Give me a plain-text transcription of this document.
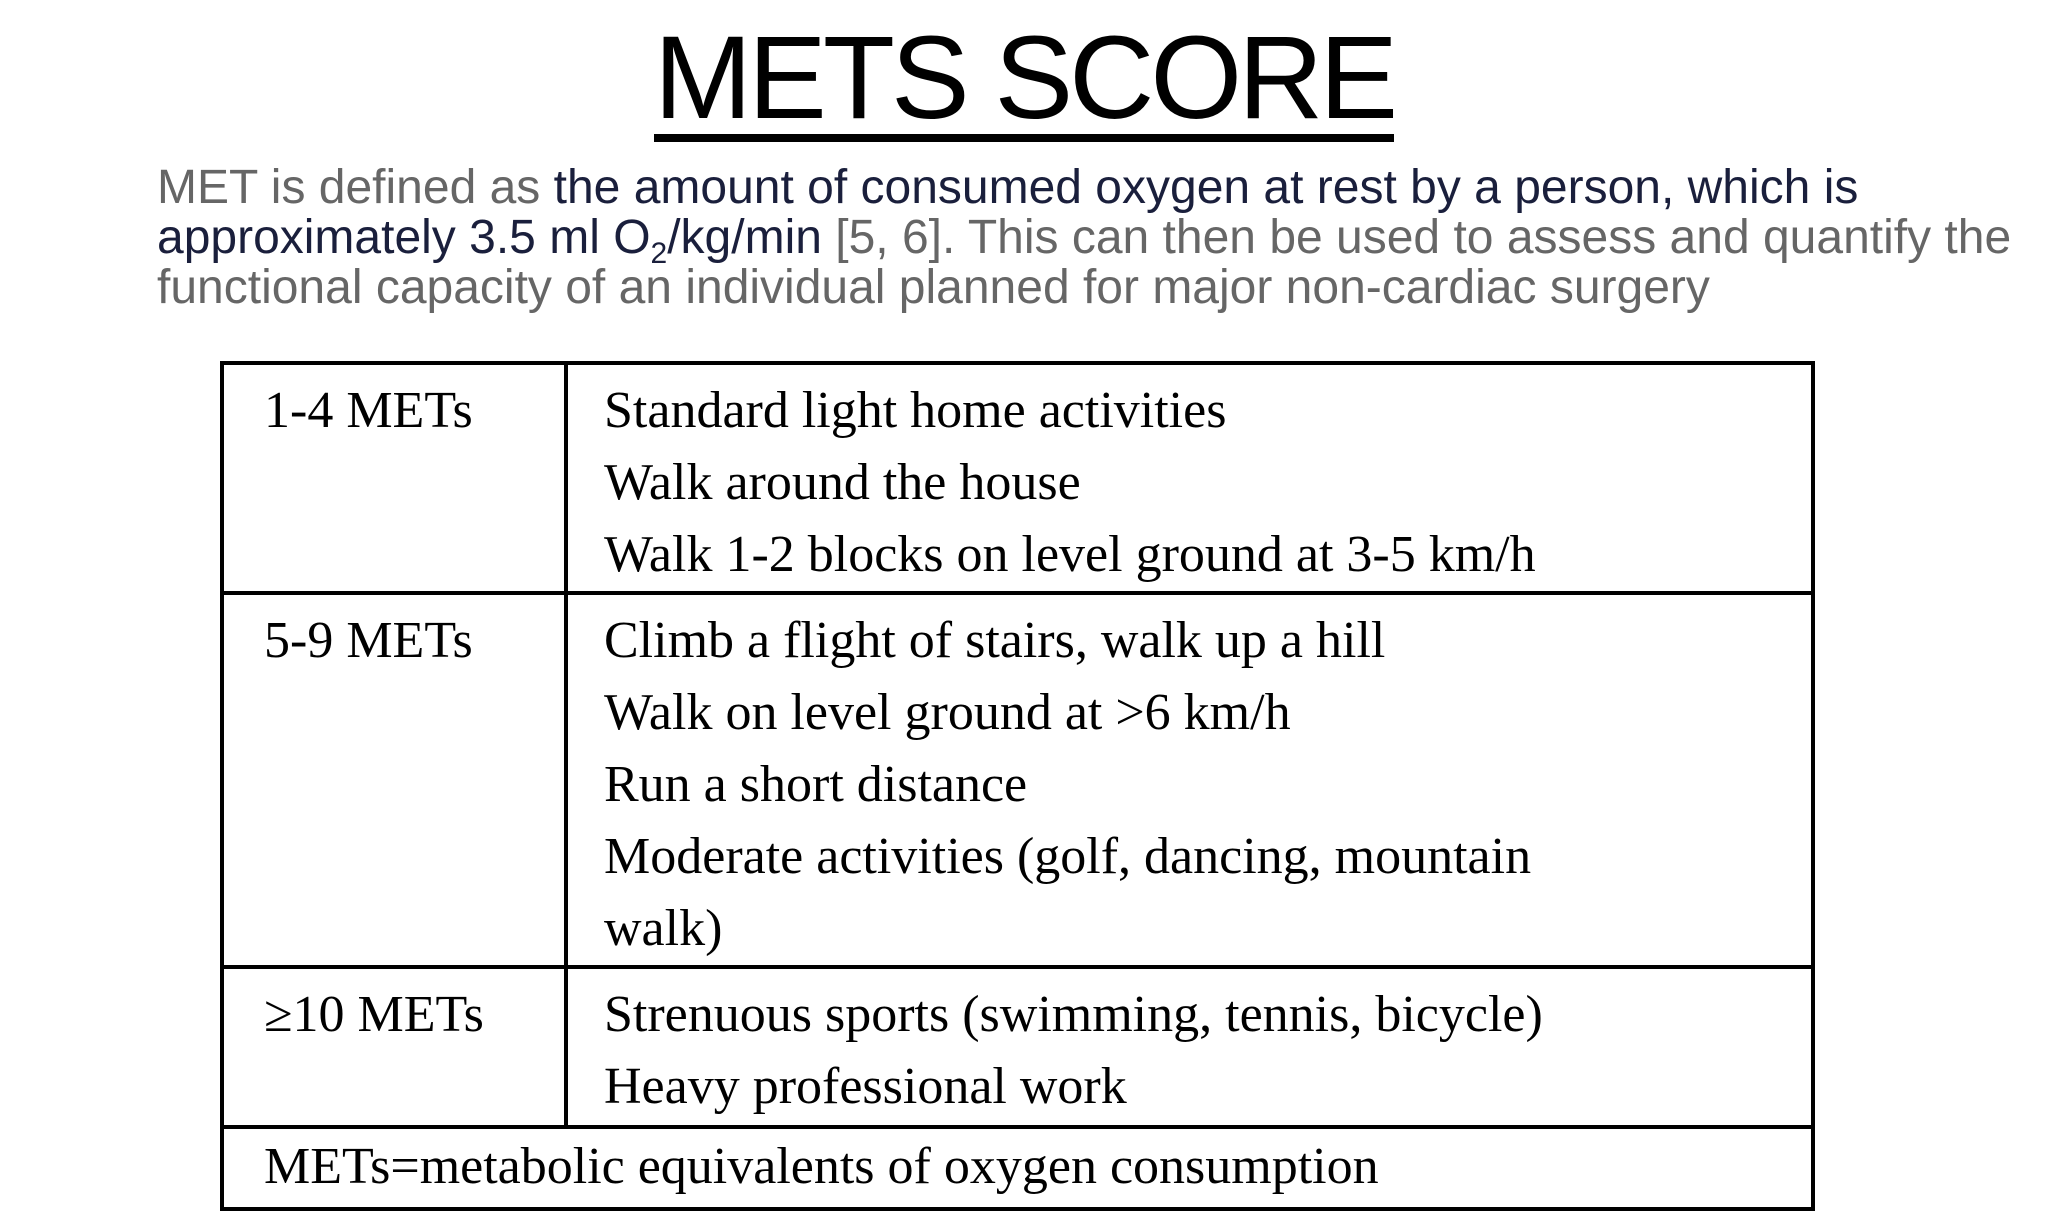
METS SCORE

MET is defined as the amount of consumed oxygen at rest by a person, which is approximately 3.5 ml $O_2/kg/\min$ [5, 6]. This can then be used to assess and quantify the functional capacity of an individual planned for major non-cardiac surgery

1-4 METs	Standard light home activities
Walk around the house
Walk 1-2 blocks on level ground at 3-5 km/h

5-9 METs	Climb a flight of stairs, walk up a hill
Walk on level ground at >6 km/h
Run a short distance
Moderate activities (golf, dancing, mountain
walk)

≥10 METs	Strenuous sports (swimming, tennis, bicycle)
Heavy professional work

METs=metabolic equivalents of oxygen consumption	
